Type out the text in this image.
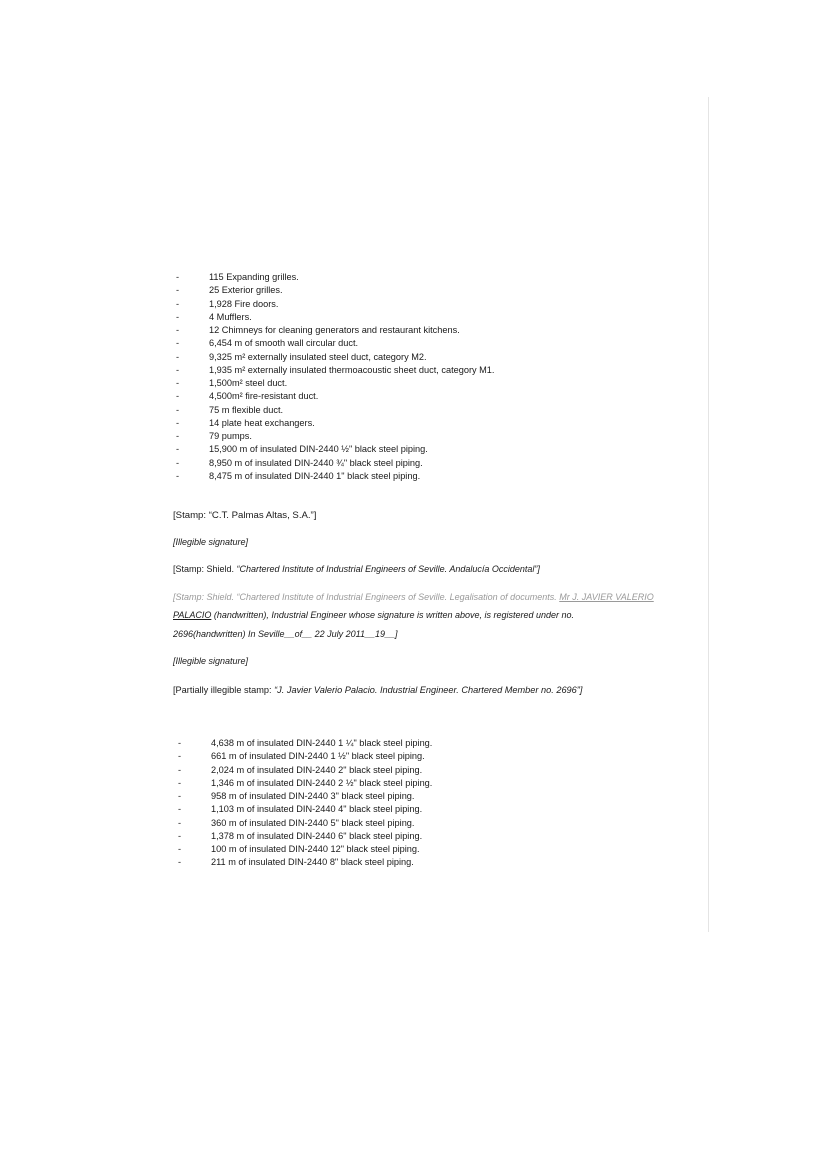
-	115 Expanding grilles.
-	25 Exterior grilles.
-	1,928 Fire doors.
-	4 Mufflers.
-	12 Chimneys for cleaning generators and restaurant kitchens.
-	6,454 m of smooth wall circular duct.
-	9,325 m² externally insulated steel duct, category M2.
-	1,935 m² externally insulated thermoacoustic sheet duct, category M1.
-	1,500m² steel duct.
-	4,500m² fire-resistant duct.
-	75 m flexible duct.
-	14 plate heat exchangers.
-	79 pumps.
-	15,900 m of insulated DIN-2440 ½" black steel piping.
-	8,950 m of insulated DIN-2440 ¾" black steel piping.
-	8,475 m of insulated DIN-2440 1" black steel piping.
[Stamp: “C.T. Palmas Altas, S.A.”]
[Illegible signature]
[Stamp: Shield. “Chartered Institute of Industrial Engineers of Seville. Andalucía Occidental”]
[Stamp: Shield. “Chartered Institute of Industrial Engineers of Seville. Legalisation of documents. Mr J. JAVIER VALERIO
PALACIO (handwritten), Industrial Engineer whose signature is written above, is registered under no.
2696(handwritten) In Seville__of__ 22 July 2011__19__]
[Illegible signature]
[Partially illegible stamp: “J. Javier Valerio Palacio. Industrial Engineer. Chartered Member no. 2696”]
-	4,638 m of insulated DIN-2440 1 ¼" black steel piping.
-	661 m of insulated DIN-2440 1 ½" black steel piping.
-	2,024 m of insulated DIN-2440 2" black steel piping.
-	1,346 m of insulated DIN-2440 2 ½" black steel piping.
-	958 m of insulated DIN-2440 3" black steel piping.
-	1,103 m of insulated DIN-2440 4" black steel piping.
-	360 m of insulated DIN-2440 5" black steel piping.
-	1,378 m of insulated DIN-2440 6" black steel piping.
-	100 m of insulated DIN-2440 12" black steel piping.
-	211 m of insulated DIN-2440 8" black steel piping.
